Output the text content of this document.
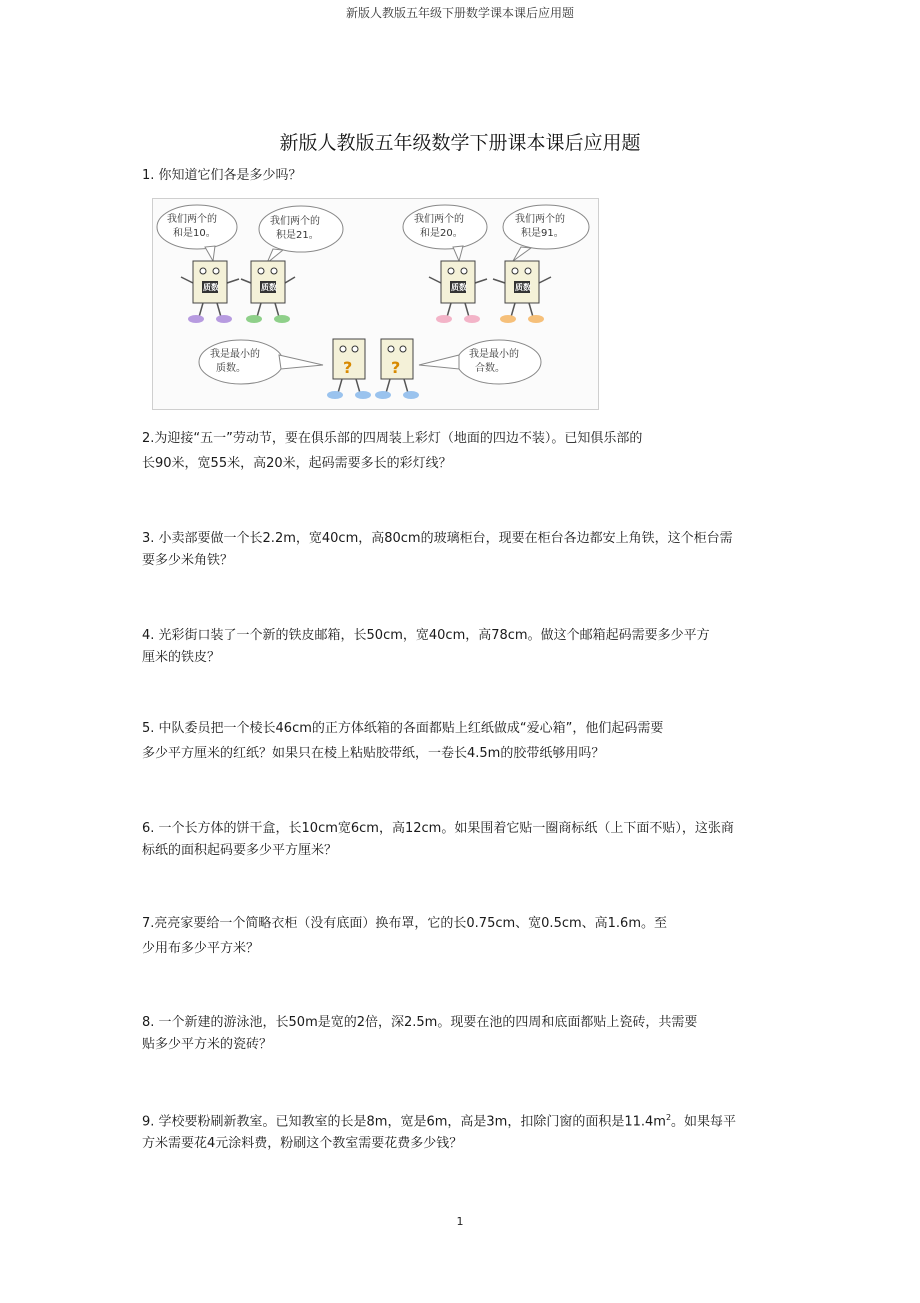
新版人教版五年级下册数学课本课后应用题
新版人教版五年级数学下册课本课后应用题

1. 你知道它们各是多少吗？

我们两个的
和是10。
我们两个的
积是21。
我们两个的
和是20。
我们两个的
积是91。
我是最小的
质数。
我是最小的
合数。
质数	质数	质数	质数
? ?

2.为迎接“五一”劳动节，要在俱乐部的四周装上彩灯（地面的四边不装）。已知俱乐部的

长90米，宽55米，高20米，起码需要多长的彩灯线？

3. 小卖部要做一个长2.2m，宽40cm，高80cm的玻璃柜台，现要在柜台各边都安上角铁，这个柜台需

要多少米角铁？

4. 光彩街口装了一个新的铁皮邮箱，长50cm，宽40cm，高78cm。做这个邮箱起码需要多少平方

厘米的铁皮？

5. 中队委员把一个棱长46cm的正方体纸箱的各面都贴上红纸做成“爱心箱”，他们起码需要

多少平方厘米的红纸？如果只在棱上粘贴胶带纸，一卷长4.5m的胶带纸够用吗？

6. 一个长方体的饼干盒，长10cm宽6cm，高12cm。如果围着它贴一圈商标纸（上下面不贴），这张商

标纸的面积起码要多少平方厘米？

7.亮亮家要给一个简略衣柜（没有底面）换布罩，它的长0.75cm、宽0.5cm、高1.6m。至

少用布多少平方米？

8. 一个新建的游泳池，长50m是宽的2倍，深2.5m。现要在池的四周和底面都贴上瓷砖，共需要

贴多少平方米的瓷砖？

9. 学校要粉刷新教室。已知教室的长是8m，宽是6m，高是3m，扣除门窗的面积是$11.4m^2$。如果每平

方米需要花4元涂料费，粉刷这个教室需要花费多少钱？

1
